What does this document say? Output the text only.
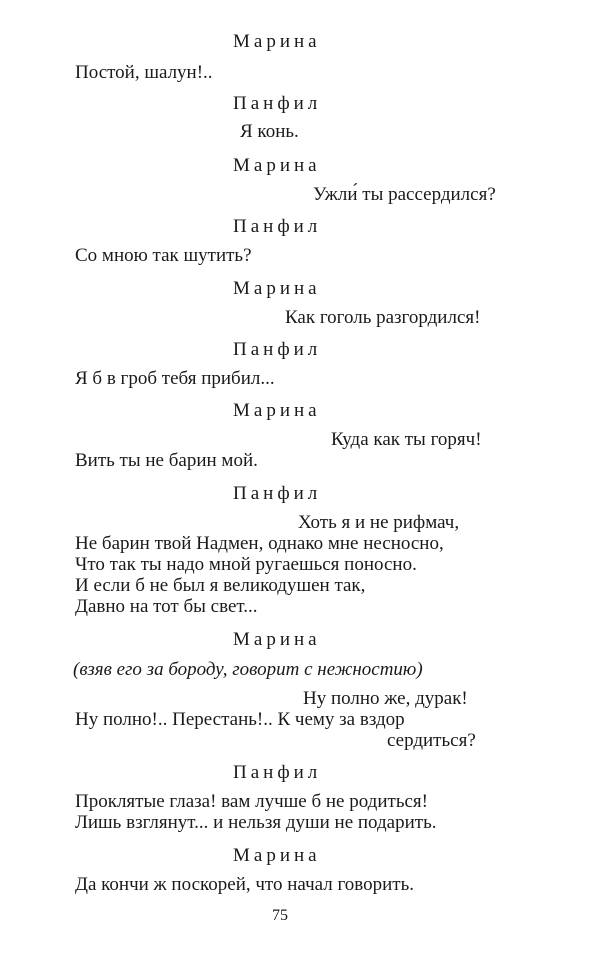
Марина
Постой, шалун!..
Панфил
Я конь.
Марина
Ужли́ ты рассердился?
Панфил
Со мною так шутить?
Марина
Как гоголь разгордился!
Панфил
Я б в гроб тебя прибил...
Марина
Куда как ты горяч!
Вить ты не барин мой.
Панфил
Хоть я и не рифмач,
Не барин твой Надмен, однако мне несносно,
Что так ты надо мной ругаешься поносно.
И если б не был я великодушен так,
Давно на тот бы свет...
Марина
(взяв его за бороду, говорит с нежностию)
Ну полно же, дурак!
Ну полно!.. Перестань!.. К чему за вздор
сердиться?
Панфил
Проклятые глаза! вам лучше б не родиться!
Лишь взглянут... и нельзя души не подарить.
Марина
Да кончи ж поскорей, что начал говорить.
75
